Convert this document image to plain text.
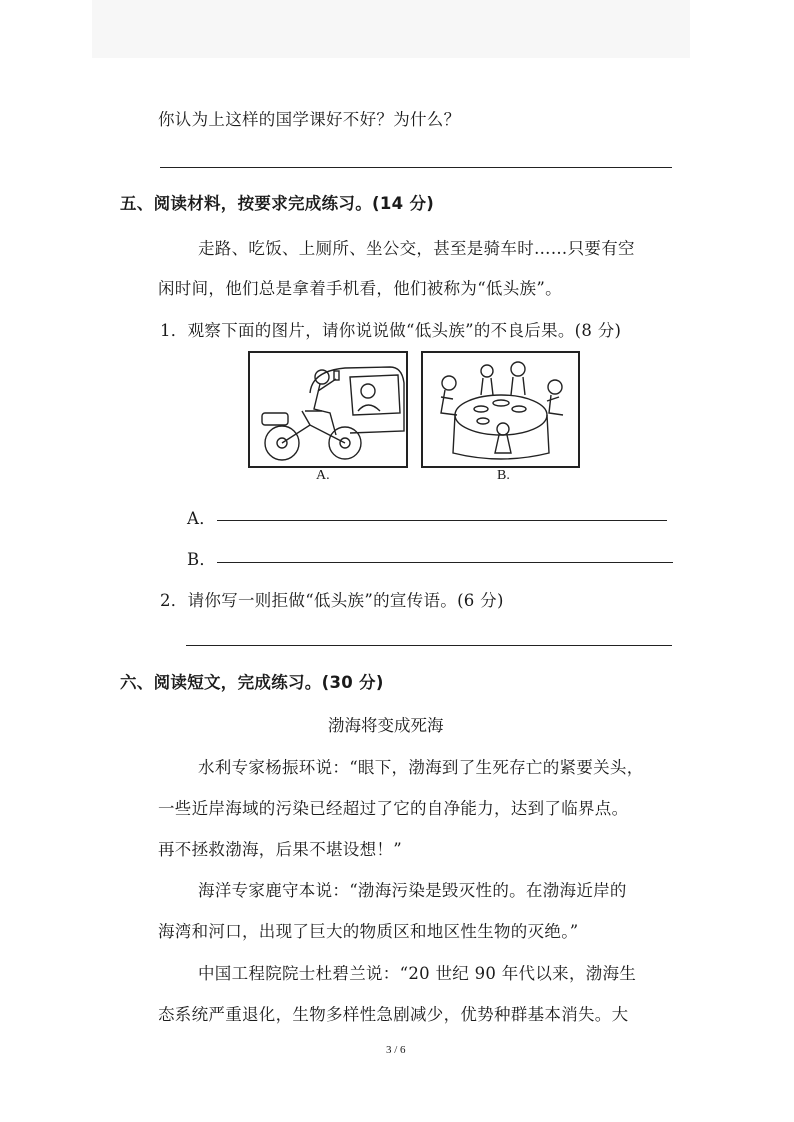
你认为上这样的国学课好不好？为什么？
五、阅读材料，按要求完成练习。(14 分)
走路、吃饭、上厕所、坐公交，甚至是骑车时……只要有空
闲时间，他们总是拿着手机看，他们被称为“低头族”。
1．观察下面的图片，请你说说做“低头族”的不良后果。(8 分)
A.	B.
A．
B．
2．请你写一则拒做“低头族”的宣传语。(6 分)
六、阅读短文，完成练习。(30 分)
渤海将变成死海
水利专家杨振环说：“眼下，渤海到了生死存亡的紧要关头，
一些近岸海域的污染已经超过了它的自净能力，达到了临界点。
再不拯救渤海，后果不堪设想！”
海洋专家鹿守本说：“渤海污染是毁灭性的。在渤海近岸的
海湾和河口，出现了巨大的物质区和地区性生物的灭绝。”
中国工程院院士杜碧兰说：“20 世纪 90 年代以来，渤海生
态系统严重退化，生物多样性急剧减少，优势种群基本消失。大
3 / 6
